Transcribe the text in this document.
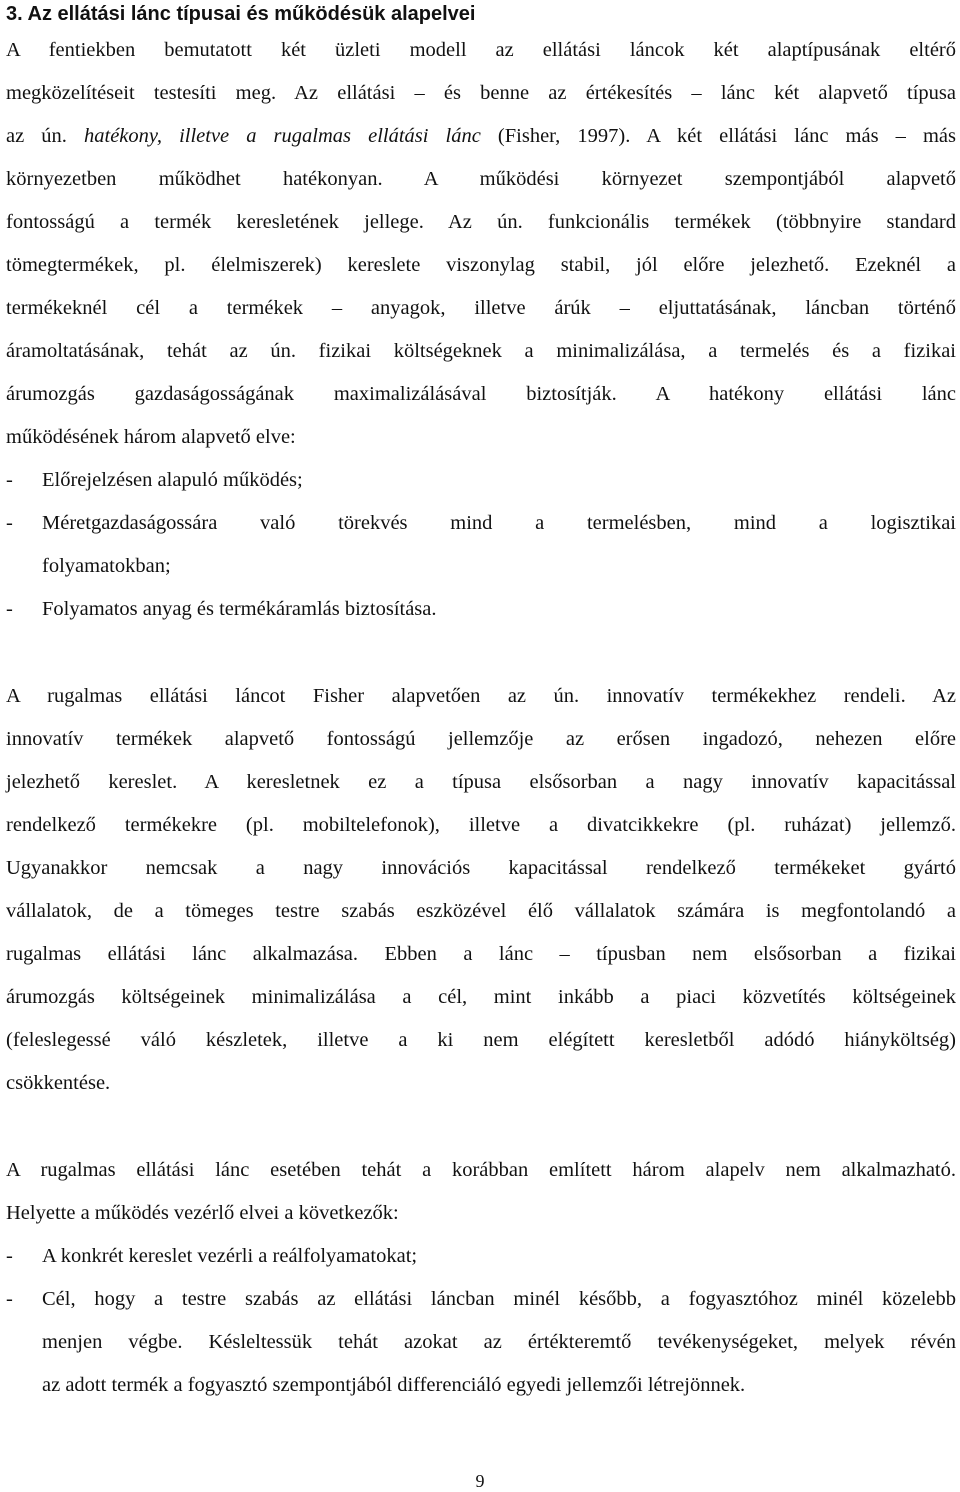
3. Az ellátási lánc típusai és működésük alapelvei
A fentiekben bemutatott két üzleti modell az ellátási láncok két alaptípusának eltérő
megközelítéseit testesíti meg. Az ellátási – és benne az értékesítés – lánc két alapvető típusa
az ún. hatékony, illetve a rugalmas ellátási lánc (Fisher, 1997). A két ellátási lánc más – más
környezetben működhet hatékonyan. A működési környezet szempontjából alapvető
fontosságú a termék keresletének jellege. Az ún. funkcionális termékek (többnyire standard
tömegtermékek, pl. élelmiszerek) kereslete viszonylag stabil, jól előre jelezhető. Ezeknél a
termékeknél cél a termékek – anyagok, illetve árúk – eljuttatásának, láncban történő
áramoltatásának, tehát az ún. fizikai költségeknek a minimalizálása, a termelés és a fizikai
árumozgás gazdaságosságának maximalizálásával biztosítják. A hatékony ellátási lánc
működésének három alapvető elve:
- Előrejelzésen alapuló működés;
- Méretgazdaságossára való törekvés mind a termelésben, mind a logisztikai
folyamatokban;
- Folyamatos anyag és termékáramlás biztosítása.
A rugalmas ellátási láncot Fisher alapvetően az ún. innovatív termékekhez rendeli. Az
innovatív termékek alapvető fontosságú jellemzője az erősen ingadozó, nehezen előre
jelezhető kereslet. A keresletnek ez a típusa elsősorban a nagy innovatív kapacitással
rendelkező termékekre (pl. mobiltelefonok), illetve a divatcikkekre (pl. ruházat) jellemző.
Ugyanakkor nemcsak a nagy innovációs kapacitással rendelkező termékeket gyártó
vállalatok, de a tömeges testre szabás eszközével élő vállalatok számára is megfontolandó a
rugalmas ellátási lánc alkalmazása. Ebben a lánc – típusban nem elsősorban a fizikai
árumozgás költségeinek minimalizálása a cél, mint inkább a piaci közvetítés költségeinek
(feleslegessé váló készletek, illetve a ki nem elégített keresletből adódó hiányköltség)
csökkentése.
A rugalmas ellátási lánc esetében tehát a korábban említett három alapelv nem alkalmazható.
Helyette a működés vezérlő elvei a következők:
- A konkrét kereslet vezérli a reálfolyamatokat;
- Cél, hogy a testre szabás az ellátási láncban minél később, a fogyasztóhoz minél közelebb
menjen végbe. Késleltessük tehát azokat az értékteremtő tevékenységeket, melyek révén
az adott termék a fogyasztó szempontjából differenciáló egyedi jellemzői létrejönnek.
9
